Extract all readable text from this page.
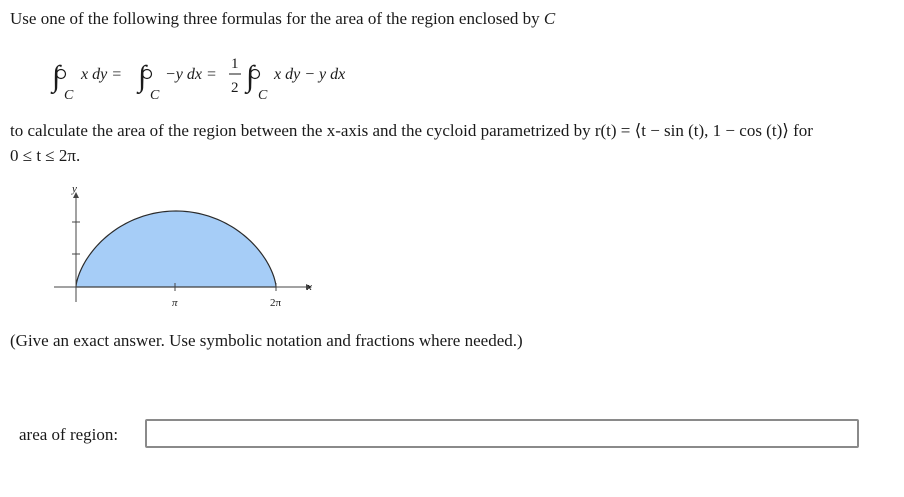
Use one of the following three formulas for the area of the region enclosed by C
∫
C
x dy = ∫
C
−y dx =
1
2 ∫
C
x dy − y dx
to calculate the area of the region between the x-axis and the cycloid parametrized by r(t) = ⟨t − sin (t), 1 − cos (t)⟩ for
0 ≤ t ≤ 2π.
y
x
π	2π
(Give an exact answer. Use symbolic notation and fractions where needed.)
area of region:
